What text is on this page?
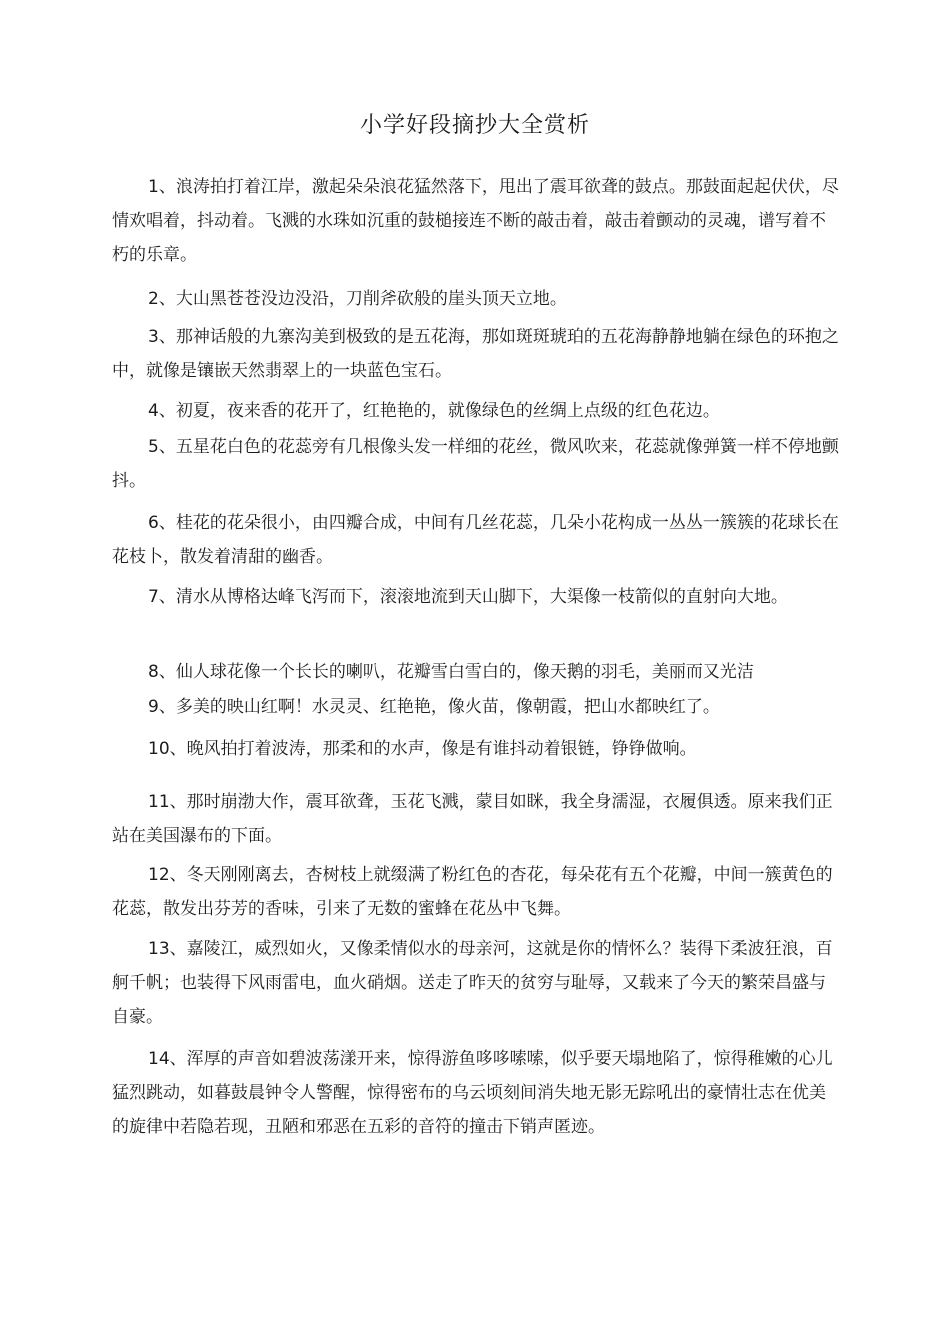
小学好段摘抄大全赏析

1、浪涛拍打着江岸，激起朵朵浪花猛然落下，甩出了震耳欲聋的鼓点。那鼓面起起伏伏，尽情欢唱着，抖动着。飞溅的水珠如沉重的鼓槌接连不断的敲击着，敲击着颤动的灵魂，谱写着不朽的乐章。

2、大山黑苍苍没边没沿，刀削斧砍般的崖头顶天立地。

3、那神话般的九寨沟美到极致的是五花海，那如斑斑琥珀的五花海静静地躺在绿色的环抱之中，就像是镶嵌天然翡翠上的一块蓝色宝石。

4、初夏，夜来香的花开了，红艳艳的，就像绿色的丝绸上点级的红色花边。

5、五星花白色的花蕊旁有几根像头发一样细的花丝，微风吹来，花蕊就像弹簧一样不停地颤抖。

6、桂花的花朵很小，由四瓣合成，中间有几丝花蕊，几朵小花构成一丛丛一簇簇的花球长在花枝卜，散发着清甜的幽香。

7、清水从博格达峰飞泻而下，滚滚地流到天山脚下，大渠像一枝箭似的直射向大地。

8、仙人球花像一个长长的喇叭，花瓣雪白雪白的，像天鹅的羽毛，美丽而又光洁

9、多美的映山红啊！水灵灵、红艳艳，像火苗，像朝霞，把山水都映红了。

10、晚风拍打着波涛，那柔和的水声，像是有谁抖动着银链，铮铮做响。

11、那时崩渤大作，震耳欲聋，玉花飞溅，蒙目如眯，我全身濡湿，衣履俱透。原来我们正站在美国瀑布的下面。

12、冬天刚刚离去，杏树枝上就缀满了粉红色的杏花，每朵花有五个花瓣，中间一簇黄色的花蕊，散发出芬芳的香味，引来了无数的蜜蜂在花丛中飞舞。

13、嘉陵江，威烈如火，又像柔情似水的母亲河，这就是你的情怀么？装得下柔波狂浪，百舸千帆；也装得下风雨雷电，血火硝烟。送走了昨天的贫穷与耻辱，又载来了今天的繁荣昌盛与自豪。

14、浑厚的声音如碧波荡漾开来，惊得游鱼哆哆嗦嗦，似乎要天塌地陷了，惊得稚嫩的心儿猛烈跳动，如暮鼓晨钟令人警醒，惊得密布的乌云顷刻间消失地无影无踪吼出的豪情壮志在优美的旋律中若隐若现，丑陋和邪恶在五彩的音符的撞击下销声匿迹。
